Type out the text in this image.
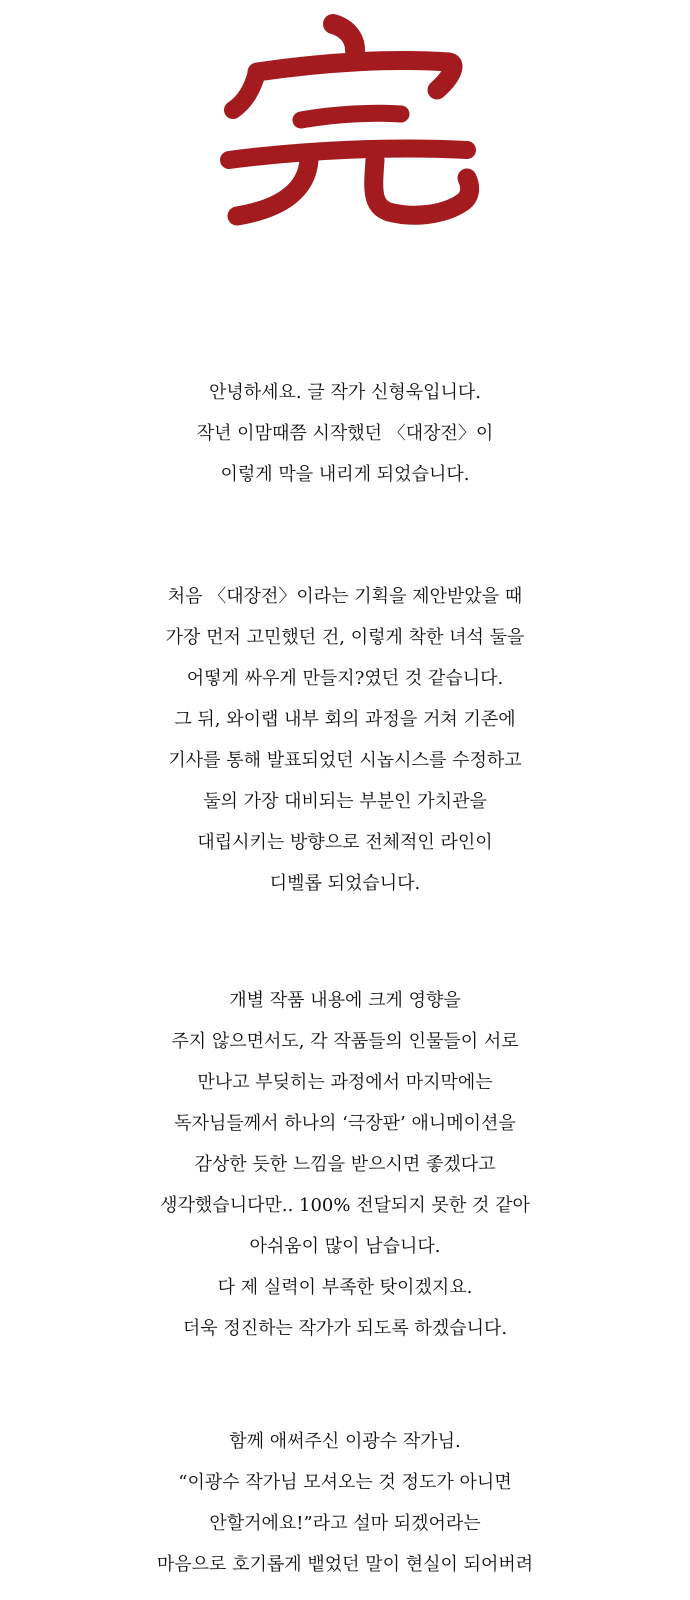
안녕하세요. 글 작가 신형욱입니다.
작년 이맘때쯤 시작했던 〈대장전〉이
이렇게 막을 내리게 되었습니다.

처음 〈대장전〉이라는 기획을 제안받았을 때
가장 먼저 고민했던 건, 이렇게 착한 녀석 둘을
어떻게 싸우게 만들지?였던 것 같습니다.
그 뒤, 와이랩 내부 회의 과정을 거쳐 기존에
기사를 통해 발표되었던 시놉시스를 수정하고
둘의 가장 대비되는 부분인 가치관을
대립시키는 방향으로 전체적인 라인이
디벨롭 되었습니다.

개별 작품 내용에 크게 영향을
주지 않으면서도, 각 작품들의 인물들이 서로
만나고 부딪히는 과정에서 마지막에는
독자님들께서 하나의 ‘극장판’ 애니메이션을
감상한 듯한 느낌을 받으시면 좋겠다고
생각했습니다만.. 100% 전달되지 못한 것 같아
아쉬움이 많이 남습니다.
다 제 실력이 부족한 탓이겠지요.
더욱 정진하는 작가가 되도록 하겠습니다.

함께 애써주신 이광수 작가님.
“이광수 작가님 모셔오는 것 정도가 아니면
안할거에요!”라고 설마 되겠어라는
마음으로 호기롭게 뱉었던 말이 현실이 되어버려
